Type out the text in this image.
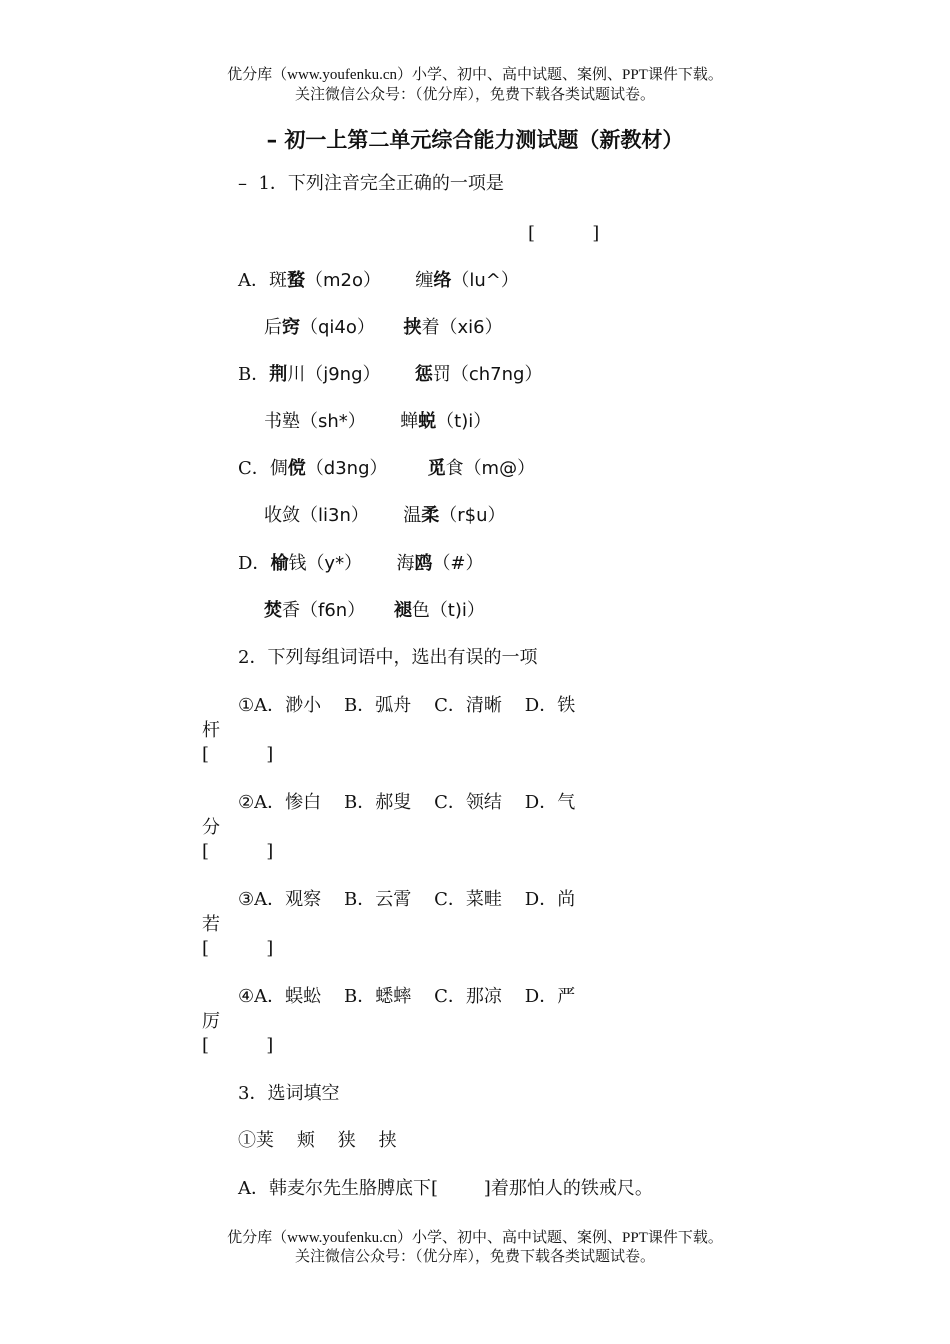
优分库（www.youfenku.cn）小学、初中、高中试题、案例、PPT课件下载。
关注微信公众号：（优分库），免费下载各类试题试卷。
– 初一上第二单元综合能力测试题（新教材）
–  1．下列注音完全正确的一项是
[          ]
A．斑蝥（m2o） 缠络（lu^）
后窍（qi4o） 挟着（xi6）
B．荆川（j9ng） 惩罚（ch7ng）
书塾（sh*） 蝉蜕（t)i）
C．倜傥（d3ng） 觅食（m@）
收敛（li3n） 温柔（r$u）
D．榆钱（y*） 海鸥（#）
焚香（f6n） 褪色（t)i）
2．下列每组词语中，选出有误的一项
①A．渺小    B．弧舟    C．清晰    D．铁
杆
[          ]
②A．惨白    B．郝叟    C．领结    D．气
分
[          ]
③A．观察    B．云霄    C．菜畦    D．尚
若
[          ]
④A．蜈蚣    B．蟋蟀    C．那凉    D．严
厉
[          ]
3．选词填空
①荚    颊    狭    挟
A．韩麦尔先生胳膊底下[        ]着那怕人的铁戒尺。
优分库（www.youfenku.cn）小学、初中、高中试题、案例、PPT课件下载。
关注微信公众号：（优分库），免费下载各类试题试卷。
